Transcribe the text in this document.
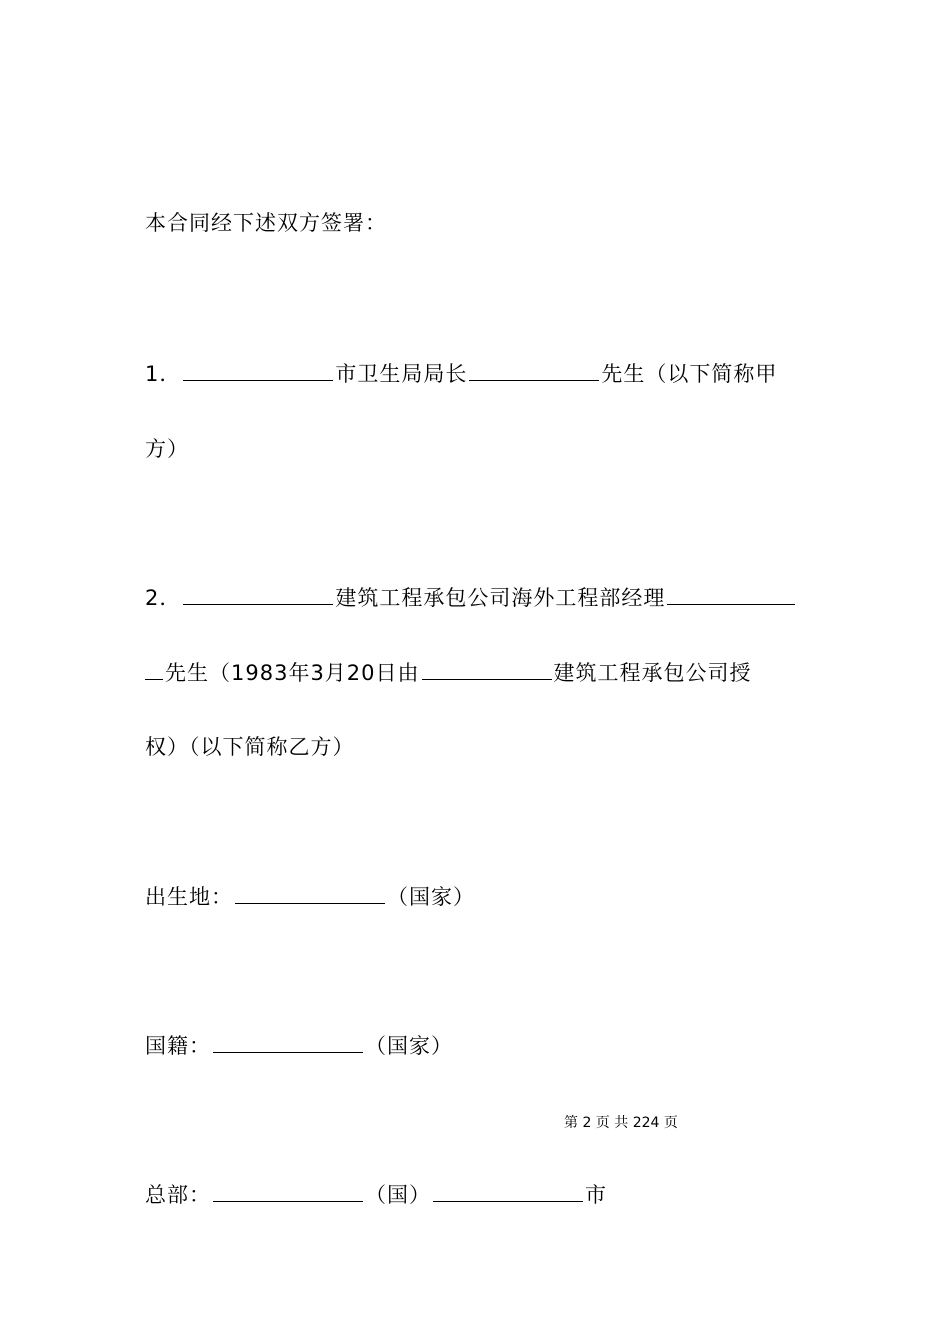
本合同经下述双方签署：
1．	市卫生局局长	先生（以下简称甲
方）
2．	建筑工程承包公司海外工程部经理
先生（1983年3月20日由	建筑工程承包公司授
权）（以下简称乙方）
出生地：	（国家）
国籍：	（国家）
第 2 页 共 224 页
总部：	（国）	市
